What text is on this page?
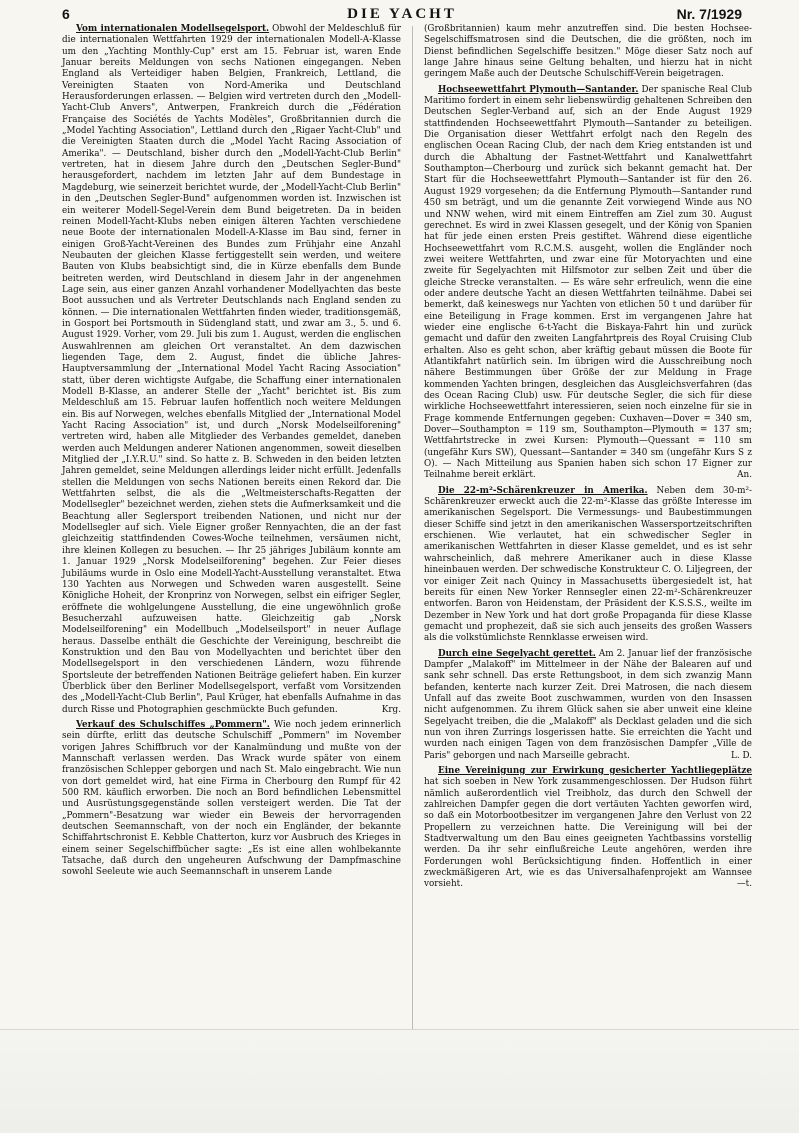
6	DIE YACHT	Nr. 7/1929

Vom internationalen Modellsegelsport. Obwohl der Meldeschluß für die internationalen Wettfahrten 1929 der internationalen Modell-A-Klasse um den „Yachting Monthly-Cup" erst am 15. Februar ist, waren Ende Januar bereits Meldungen von sechs Nationen eingegangen. Neben England als Verteidiger haben Belgien, Frankreich, Lettland, die Vereinigten Staaten von Nord-Amerika und Deutschland Herausforderungen erlassen. — Belgien wird vertreten durch den „Modell-Yacht-Club Anvers", Antwerpen, Frankreich durch die „Fédération Française des Sociétés de Yachts Modèles", Großbritannien durch die „Model Yachting Association", Lettland durch den „Rigaer Yacht-Club" und die Vereinigten Staaten durch die „Model Yacht Racing Association of Amerika". — Deutschland, bisher durch den „Modell-Yacht-Club Berlin" vertreten, hat in diesem Jahre durch den „Deutschen Segler-Bund" herausgefordert, nachdem im letzten Jahr auf dem Bundestage in Magdeburg, wie seinerzeit berichtet wurde, der „Modell-Yacht-Club Berlin" in den „Deutschen Segler-Bund" aufgenommen worden ist. Inzwischen ist ein weiterer Modell-Segel-Verein dem Bund beigetreten. Da in beiden reinen Modell-Yacht-Klubs neben einigen älteren Yachten verschiedene neue Boote der internationalen Modell-A-Klasse im Bau sind, ferner in einigen Groß-Yacht-Vereinen des Bundes zum Frühjahr eine Anzahl Neubauten der gleichen Klasse fertiggestellt sein werden, und weitere Bauten von Klubs beabsichtigt sind, die in Kürze ebenfalls dem Bunde beitreten werden, wird Deutschland in diesem Jahr in der angenehmen Lage sein, aus einer ganzen Anzahl vorhandener Modellyachten das beste Boot aussuchen und als Vertreter Deutschlands nach England senden zu können. — Die internationalen Wettfahrten finden wieder, traditionsgemäß, in Gosport bei Portsmouth in Südengland statt, und zwar am 3., 5. und 6. August 1929. Vorher, vom 29. Juli bis zum 1. August, werden die englischen Auswahlrennen am gleichen Ort veranstaltet. An dem dazwischen liegenden Tage, dem 2. August, findet die übliche Jahres-Hauptversammlung der „International Model Yacht Racing Association" statt, über deren wichtigste Aufgabe, die Schaffung einer internationalen Modell B-Klasse, an anderer Stelle der „Yacht" berichtet ist. Bis zum Meldeschluß am 15. Februar laufen hoffentlich noch weitere Meldungen ein. Bis auf Norwegen, welches ebenfalls Mitglied der „International Model Yacht Racing Association" ist, und durch „Norsk Modelseilforening" vertreten wird, haben alle Mitglieder des Verbandes gemeldet, daneben werden auch Meldungen anderer Nationen angenommen, soweit dieselben Mitglied der „I.Y.R.U." sind. So hatte z. B. Schweden in den beiden letzten Jahren gemeldet, seine Meldungen allerdings leider nicht erfüllt. Jedenfalls stellen die Meldungen von sechs Nationen bereits einen Rekord dar. Die Wettfahrten selbst, die als die „Weltmeisterschafts-Regatten der Modellsegler" bezeichnet werden, ziehen stets die Aufmerksamkeit und die Beachtung aller Seglersport treibenden Nationen, und nicht nur der Modellsegler auf sich. Viele Eigner großer Rennyachten, die an der fast gleichzeitig stattfindenden Cowes-Woche teilnehmen, versäumen nicht, ihre kleinen Kollegen zu besuchen. — Ihr 25 jähriges Jubiläum konnte am 1. Januar 1929 „Norsk Modelseilforening" begehen. Zur Feier dieses Jubiläums wurde in Oslo eine Modell-Yacht-Ausstellung veranstaltet. Etwa 130 Yachten aus Norwegen und Schweden waren ausgestellt. Seine Königliche Hoheit, der Kronprinz von Norwegen, selbst ein eifriger Segler, eröffnete die wohlgelungene Ausstellung, die eine ungewöhnlich große Besucherzahl aufzuweisen hatte. Gleichzeitig gab „Norsk Modelseilforening" ein Modellbuch „Modelseilsport" in neuer Auflage heraus. Dasselbe enthält die Geschichte der Vereinigung, beschreibt die Konstruktion und den Bau von Modellyachten und berichtet über den Modellsegelsport in den verschiedenen Ländern, wozu führende Sportsleute der betreffenden Nationen Beiträge geliefert haben. Ein kurzer Überblick über den Berliner Modellsegelsport, verfaßt vom Vorsitzenden des „Modell-Yacht-Club Berlin", Paul Krüger, hat ebenfalls Aufnahme in das durch Risse und Photographien geschmückte Buch gefunden.	Krg.

Verkauf des Schulschiffes „Pommern". Wie noch jedem erinnerlich sein dürfte, erlitt das deutsche Schulschiff „Pommern" im November vorigen Jahres Schiffbruch vor der Kanalmündung und mußte von der Mannschaft verlassen werden. Das Wrack wurde später von einem französischen Schlepper geborgen und nach St. Malo eingebracht. Wie nun von dort gemeldet wird, hat eine Firma in Cherbourg den Rumpf für 42 500 RM. käuflich erworben. Die noch an Bord befindlichen Lebensmittel und Ausrüstungsgegenstände sollen versteigert werden. Die Tat der „Pommern"-Besatzung war wieder ein Beweis der hervorragenden deutschen Seemannschaft, von der noch ein Engländer, der bekannte Schiffahrtschronist E. Kebble Chatterton, kurz vor Ausbruch des Krieges in einem seiner Segelschiffbücher sagte: „Es ist eine allen wohlbekannte Tatsache, daß durch den ungeheuren Aufschwung der Dampfmaschine sowohl Seeleute wie auch Seemannschaft in unserem Lande

(Großbritannien) kaum mehr anzutreffen sind. Die besten Hochsee-Segelschiffsmatrosen sind die Deutschen, die die größten, noch im Dienst befindlichen Segelschiffe besitzen." Möge dieser Satz noch auf lange Jahre hinaus seine Geltung behalten, und hierzu hat in nicht geringem Maße auch der Deutsche Schulschiff-Verein beigetragen.

Hochseewettfahrt Plymouth—Santander. Der spanische Real Club Maritimo fordert in einem sehr liebenswürdig gehaltenen Schreiben den Deutschen Segler-Verband auf, sich an der Ende August 1929 stattfindenden Hochseewettfahrt Plymouth—Santander zu beteiligen. Die Organisation dieser Wettfahrt erfolgt nach den Regeln des englischen Ocean Racing Club, der nach dem Krieg entstanden ist und durch die Abhaltung der Fastnet-Wettfahrt und Kanalwettfahrt Southampton—Cherbourg und zurück sich bekannt gemacht hat. Der Start für die Hochseewettfahrt Plymouth—Santander ist für den 26. August 1929 vorgesehen; da die Entfernung Plymouth—Santander rund 450 sm beträgt, und um die genannte Zeit vorwiegend Winde aus NO und NNW wehen, wird mit einem Eintreffen am Ziel zum 30. August gerechnet. Es wird in zwei Klassen gesegelt, und der König von Spanien hat für jede einen ersten Preis gestiftet. Während diese eigentliche Hochseewettfahrt vom R.C.M.S. ausgeht, wollen die Engländer noch zwei weitere Wettfahrten, und zwar eine für Motoryachten und eine zweite für Segelyachten mit Hilfsmotor zur selben Zeit und über die gleiche Strecke veranstalten. — Es wäre sehr erfreulich, wenn die eine oder andere deutsche Yacht an diesen Wettfahrten teilnähme. Dabei sei bemerkt, daß keineswegs nur Yachten von etlichen 50 t und darüber für eine Beteiligung in Frage kommen. Erst im vergangenen Jahre hat wieder eine englische 6-t-Yacht die Biskaya-Fahrt hin und zurück gemacht und dafür den zweiten Langfahrtpreis des Royal Cruising Club erhalten. Also es geht schon, aber kräftig gebaut müssen die Boote für Atlantikfahrt natürlich sein. Im übrigen wird die Ausschreibung noch nähere Bestimmungen über Größe der zur Meldung in Frage kommenden Yachten bringen, desgleichen das Ausgleichsverfahren (das des Ocean Racing Club) usw. Für deutsche Segler, die sich für diese wirkliche Hochseewettfahrt interessieren, seien noch einzelne für sie in Frage kommende Entfernungen gegeben: Cuxhaven—Dover = 340 sm, Dover—Southampton = 119 sm, Southampton—Plymouth = 137 sm; Wettfahrtstrecke in zwei Kursen: Plymouth—Quessant = 110 sm (ungefähr Kurs SW), Quessant—Santander = 340 sm (ungefähr Kurs S z O). — Nach Mitteilung aus Spanien haben sich schon 17 Eigner zur Teilnahme bereit erklärt.	An.

Die 22-m²-Schärenkreuzer in Amerika. Neben dem 30-m²-Schärenkreuzer erweckt auch die 22-m²-Klasse das größte Interesse im amerikanischen Segelsport. Die Vermessungs- und Baubestimmungen dieser Schiffe sind jetzt in den amerikanischen Wassersportzeitschriften erschienen. Wie verlautet, hat ein schwedischer Segler in amerikanischen Wettfahrten in dieser Klasse gemeldet, und es ist sehr wahrscheinlich, daß mehrere Amerikaner auch in diese Klasse hineinbauen werden. Der schwedische Konstrukteur C. O. Liljegreen, der vor einiger Zeit nach Quincy in Massachusetts übergesiedelt ist, hat bereits für einen New Yorker Rennsegler einen 22-m²-Schärenkreuzer entworfen. Baron von Heidenstam, der Präsident der K.S.S.S., weilte im Dezember in New York und hat dort große Propaganda für diese Klasse gemacht und prophezeit, daß sie sich auch jenseits des großen Wassers als die volkstümlichste Rennklasse erweisen wird.

Durch eine Segelyacht gerettet. Am 2. Januar lief der französische Dampfer „Malakoff" im Mittelmeer in der Nähe der Balearen auf und sank sehr schnell. Das erste Rettungsboot, in dem sich zwanzig Mann befanden, kenterte nach kurzer Zeit. Drei Matrosen, die nach diesem Unfall auf das zweite Boot zuschwammen, wurden von den Insassen nicht aufgenommen. Zu ihrem Glück sahen sie aber unweit eine kleine Segelyacht treiben, die die „Malakoff" als Decklast geladen und die sich nun von ihren Zurrings losgerissen hatte. Sie erreichten die Yacht und wurden nach einigen Tagen von dem französischen Dampfer „Ville de Paris" geborgen und nach Marseille gebracht.	L. D.

Eine Vereinigung zur Erwirkung gesicherter Yachtliegeplätze hat sich soeben in New York zusammengeschlossen. Der Hudson führt nämlich außerordentlich viel Treibholz, das durch den Schwell der zahlreichen Dampfer gegen die dort vertäuten Yachten geworfen wird, so daß ein Motorbootbesitzer im vergangenen Jahre den Verlust von 22 Propellern zu verzeichnen hatte. Die Vereinigung will bei der Stadtverwaltung um den Bau eines geeigneten Yachtbassins vorstellig werden. Da ihr sehr einflußreiche Leute angehören, werden ihre Forderungen wohl Berücksichtigung finden. Hoffentlich in einer zweckmäßigeren Art, wie es das Universalhafenprojekt am Wannsee vorsieht.	—t.
